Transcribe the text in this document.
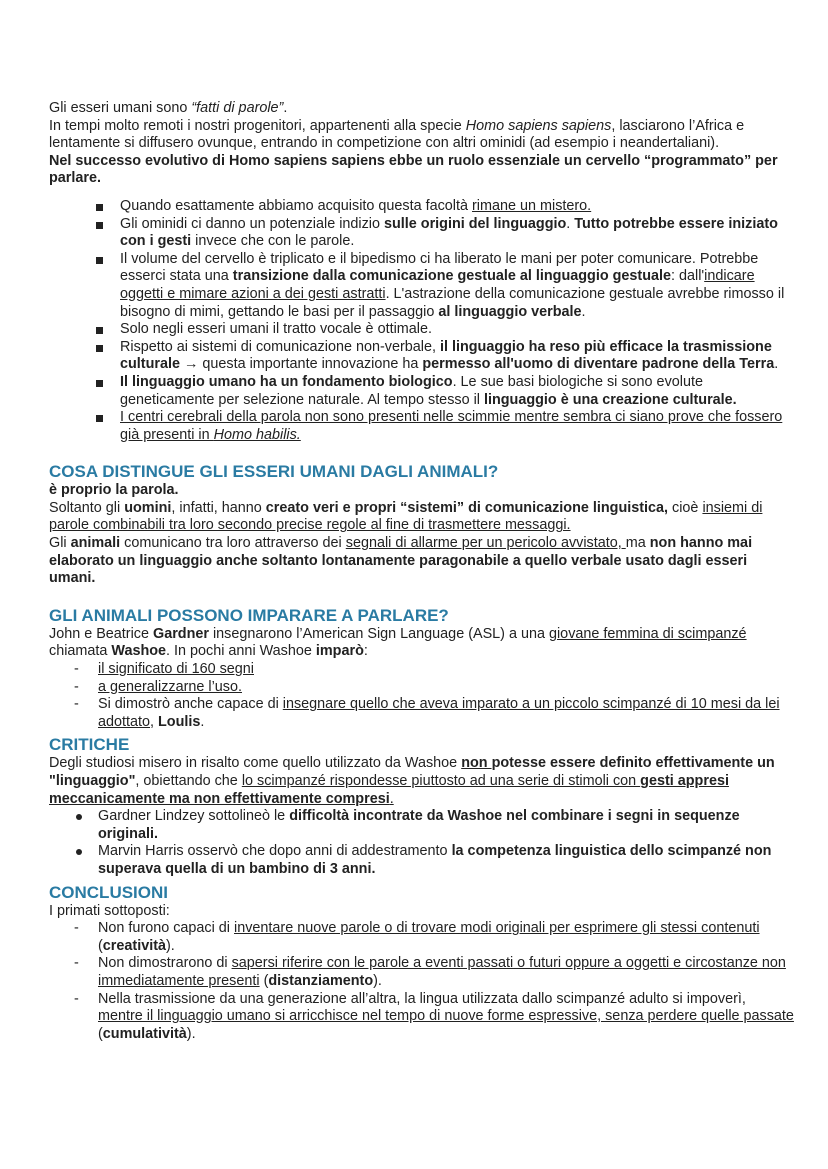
Gli esseri umani sono “fatti di parole”.

In tempi molto remoti i nostri progenitori, appartenenti alla specie Homo sapiens sapiens, lasciarono l’Africa e lentamente si diffusero ovunque, entrando in competizione con altri ominidi (ad esempio i neandertaliani).

Nel successo evolutivo di Homo sapiens sapiens ebbe un ruolo essenziale un cervello “programmato” per parlare.

Quando esattamente abbiamo acquisito questa facoltà rimane un mistero.
Gli ominidi ci danno un potenziale indizio sulle origini del linguaggio. Tutto potrebbe essere iniziato con i gesti invece che con le parole.
Il volume del cervello è triplicato e il bipedismo ci ha liberato le mani per poter comunicare. Potrebbe esserci stata una transizione dalla comunicazione gestuale al linguaggio gestuale: dall'indicare oggetti e mimare azioni a dei gesti astratti. L'astrazione della comunicazione gestuale avrebbe rimosso il bisogno di mimi, gettando le basi per il passaggio al linguaggio verbale.
Solo negli esseri umani il tratto vocale è ottimale.
Rispetto ai sistemi di comunicazione non-verbale, il linguaggio ha reso più efficace la trasmissione culturale → questa importante innovazione ha permesso all'uomo di diventare padrone della Terra.
Il linguaggio umano ha un fondamento biologico. Le sue basi biologiche si sono evolute geneticamente per selezione naturale. Al tempo stesso il linguaggio è una creazione culturale.
I centri cerebrali della parola non sono presenti nelle scimmie mentre sembra ci siano prove che fossero già presenti in Homo habilis.
COSA DISTINGUE GLI ESSERI UMANI DAGLI ANIMALI?

è proprio la parola.

Soltanto gli uomini, infatti, hanno creato veri e propri “sistemi” di comunicazione linguistica, cioè insiemi di parole combinabili tra loro secondo precise regole al fine di trasmettere messaggi.

Gli animali comunicano tra loro attraverso dei segnali di allarme per un pericolo avvistato, ma non hanno mai elaborato un linguaggio anche soltanto lontanamente paragonabile a quello verbale usato dagli esseri umani.

GLI ANIMALI POSSONO IMPARARE A PARLARE?

John e Beatrice Gardner insegnarono l’American Sign Language (ASL) a una giovane femmina di scimpanzé chiamata Washoe. In pochi anni Washoe imparò:

- il significato di 160 segni
- a generalizzarne l’uso.
- Si dimostrò anche capace di insegnare quello che aveva imparato a un piccolo scimpanzé di 10 mesi da lei adottato, Loulis.
CRITICHE

Degli studiosi misero in risalto come quello utilizzato da Washoe non potesse essere definito effettivamente un "linguaggio", obiettando che lo scimpanzé rispondesse piuttosto ad una serie di stimoli con gesti appresi meccanicamente ma non effettivamente compresi.

Gardner Lindzey sottolineò le difficoltà incontrate da Washoe nel combinare i segni in sequenze originali.
Marvin Harris osservò che dopo anni di addestramento la competenza linguistica dello scimpanzé non superava quella di un bambino di 3 anni.
CONCLUSIONI

I primati sottoposti:

- Non furono capaci di inventare nuove parole o di trovare modi originali per esprimere gli stessi contenuti (creatività).
- Non dimostrarono di sapersi riferire con le parole a eventi passati o futuri oppure a oggetti e circostanze non immediatamente presenti (distanziamento).
- Nella trasmissione da una generazione all’altra, la lingua utilizzata dallo scimpanzé adulto si impoverì, mentre il linguaggio umano si arricchisce nel tempo di nuove forme espressive, senza perdere quelle passate (cumulatività).
